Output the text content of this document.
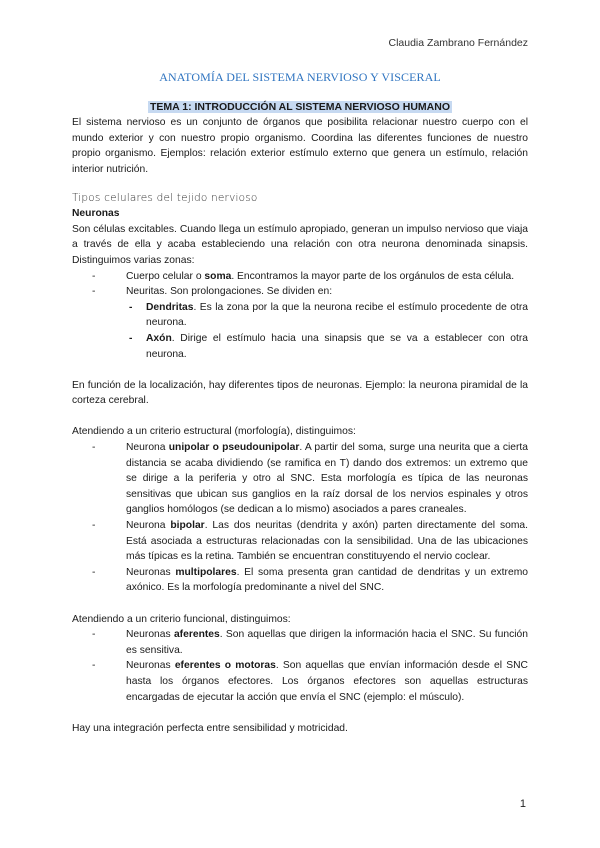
Claudia Zambrano Fernández
ANATOMÍA DEL SISTEMA NERVIOSO Y VISCERAL

TEMA 1: INTRODUCCIÓN AL SISTEMA NERVIOSO HUMANO

El sistema nervioso es un conjunto de órganos que posibilita relacionar nuestro cuerpo con el mundo exterior y con nuestro propio organismo. Coordina las diferentes funciones de nuestro propio organismo. Ejemplos: relación exterior estímulo externo que genera un estímulo, relación interior nutrición.

Tipos celulares del tejido nervioso

Neuronas

Son células excitables. Cuando llega un estímulo apropiado, generan un impulso nervioso que viaja a través de ella y acaba estableciendo una relación con otra neurona denominada sinapsis. Distinguimos varias zonas:

- Cuerpo celular o soma. Encontramos la mayor parte de los orgánulos de esta célula.
- Neuritas. Son prolongaciones. Se dividen en:
- Dendritas. Es la zona por la que la neurona recibe el estímulo procedente de otra neurona.
- Axón. Dirige el estímulo hacia una sinapsis que se va a establecer con otra neurona.

En función de la localización, hay diferentes tipos de neuronas. Ejemplo: la neurona piramidal de la corteza cerebral.

Atendiendo a un criterio estructural (morfología), distinguimos:

- Neurona unipolar o pseudounipolar. A partir del soma, surge una neurita que a cierta distancia se acaba dividiendo (se ramifica en T) dando dos extremos: un extremo que se dirige a la periferia y otro al SNC. Esta morfología es típica de las neuronas sensitivas que ubican sus ganglios en la raíz dorsal de los nervios espinales y otros ganglios homólogos (se dedican a lo mismo) asociados a pares craneales.
- Neurona bipolar. Las dos neuritas (dendrita y axón) parten directamente del soma. Está asociada a estructuras relacionadas con la sensibilidad. Una de las ubicaciones más típicas es la retina. También se encuentran constituyendo el nervio coclear.
- Neuronas multipolares. El soma presenta gran cantidad de dendritas y un extremo axónico. Es la morfología predominante a nivel del SNC.

Atendiendo a un criterio funcional, distinguimos:

- Neuronas aferentes. Son aquellas que dirigen la información hacia el SNC. Su función es sensitiva.
- Neuronas eferentes o motoras. Son aquellas que envían información desde el SNC hasta los órganos efectores. Los órganos efectores son aquellas estructuras encargadas de ejecutar la acción que envía el SNC (ejemplo: el músculo).

Hay una integración perfecta entre sensibilidad y motricidad.

1
